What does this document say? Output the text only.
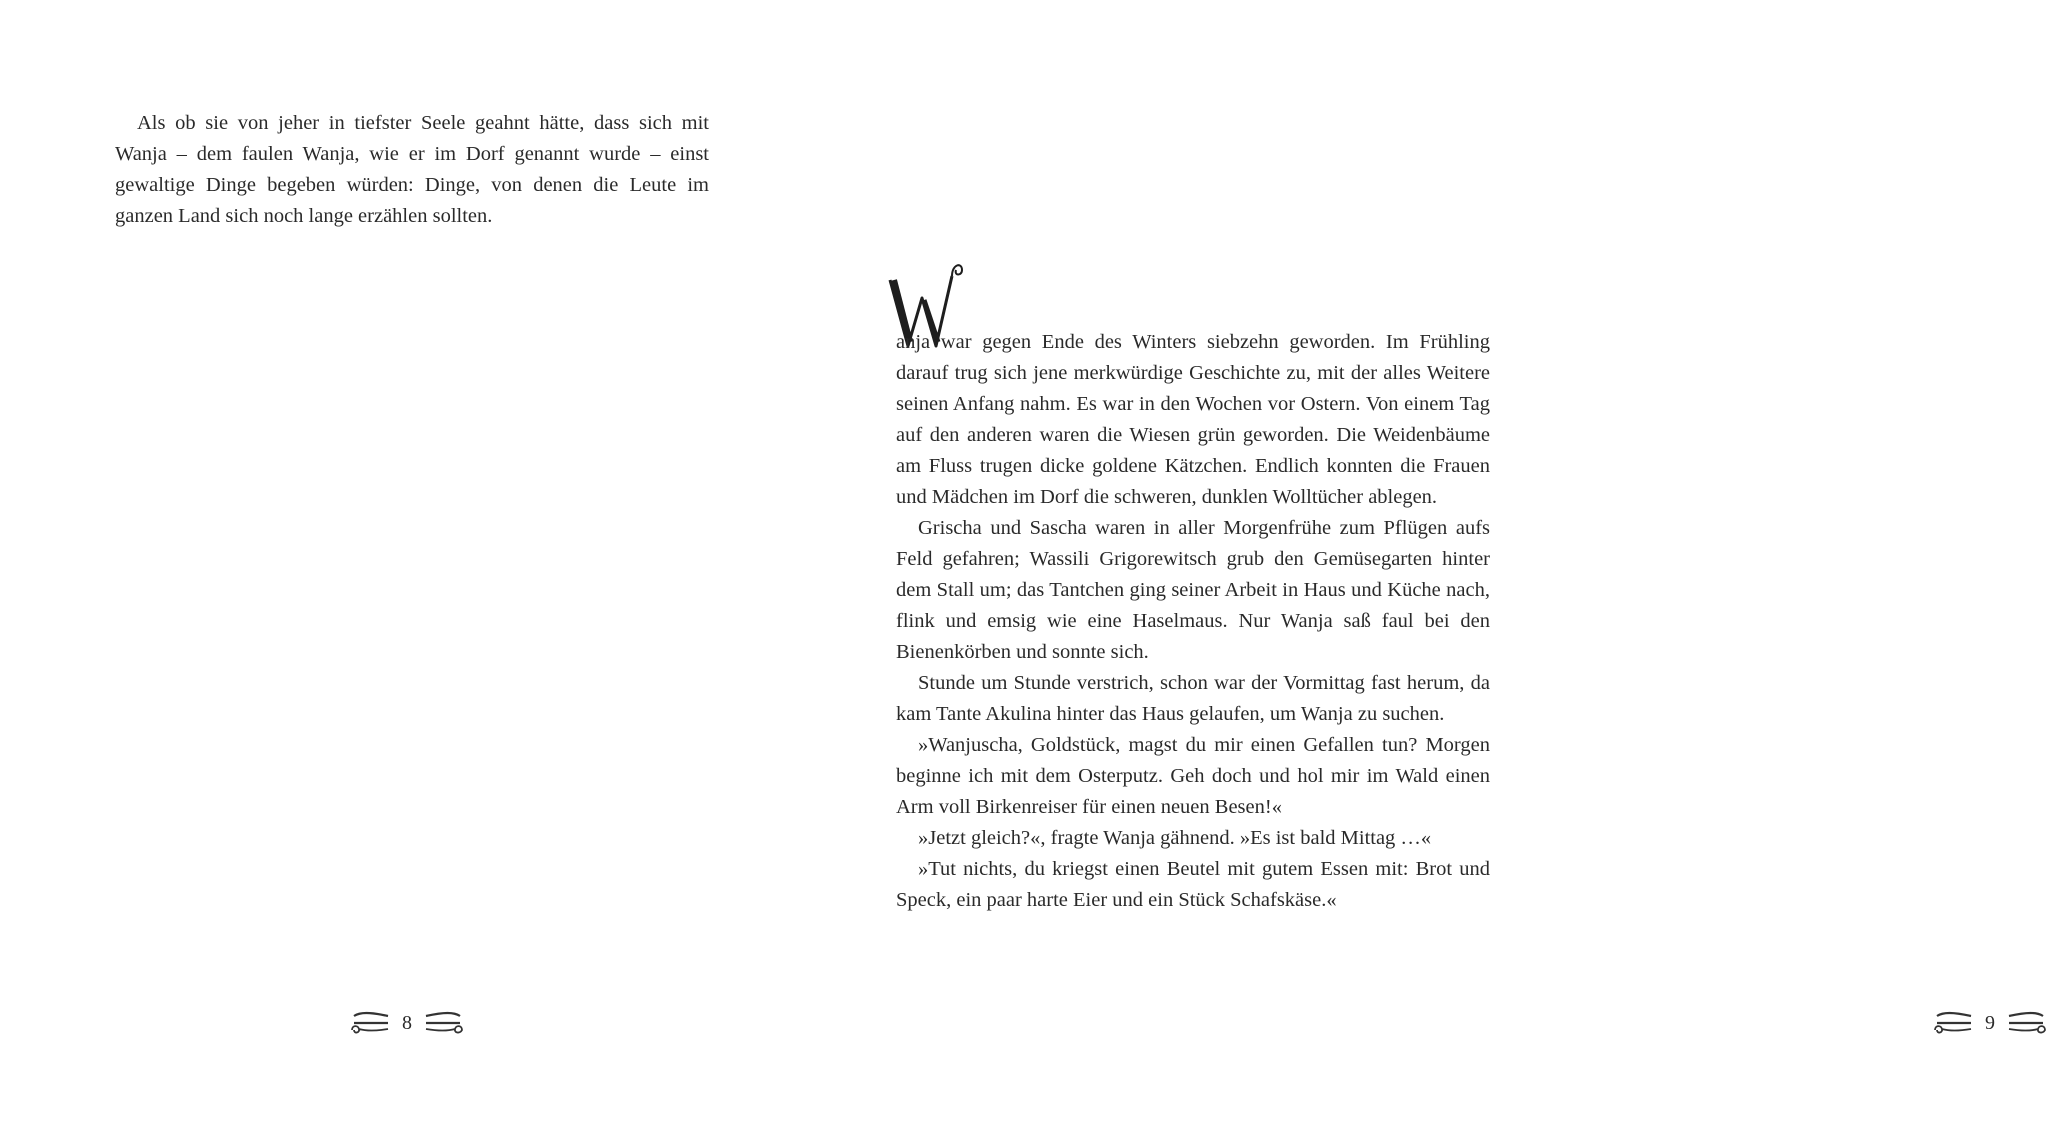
Als ob sie von jeher in tiefster Seele geahnt hätte, dass sich mit Wanja – dem faulen Wanja, wie er im Dorf genannt wurde – einst gewaltige Dinge begeben würden: Dinge, von denen die Leute im ganzen Land sich noch lange erzählen sollten.

8
W

anja war gegen Ende des Winters siebzehn geworden. Im Frühling darauf trug sich jene merkwürdige Geschichte zu, mit der alles Weitere seinen Anfang nahm. Es war in den Wochen vor Ostern. Von einem Tag auf den anderen waren die Wiesen grün geworden. Die Weidenbäume am Fluss trugen dicke goldene Kätzchen. Endlich konnten die Frauen und Mädchen im Dorf die schweren, dunklen Wolltücher ablegen.

Grischa und Sascha waren in aller Morgenfrühe zum Pflügen aufs Feld gefahren; Wassili Grigorewitsch grub den Gemüsegarten hinter dem Stall um; das Tantchen ging seiner Arbeit in Haus und Küche nach, flink und emsig wie eine Haselmaus. Nur Wanja saß faul bei den Bienenkörben und sonnte sich.

Stunde um Stunde verstrich, schon war der Vormittag fast herum, da kam Tante Akulina hinter das Haus gelaufen, um Wanja zu suchen.

»Wanjuscha, Goldstück, magst du mir einen Gefallen tun? Morgen beginne ich mit dem Osterputz. Geh doch und hol mir im Wald einen Arm voll Birkenreiser für einen neuen Besen!«

»Jetzt gleich?«, fragte Wanja gähnend. »Es ist bald Mittag …«

»Tut nichts, du kriegst einen Beutel mit gutem Essen mit: Brot und Speck, ein paar harte Eier und ein Stück Schafskäse.«

9
